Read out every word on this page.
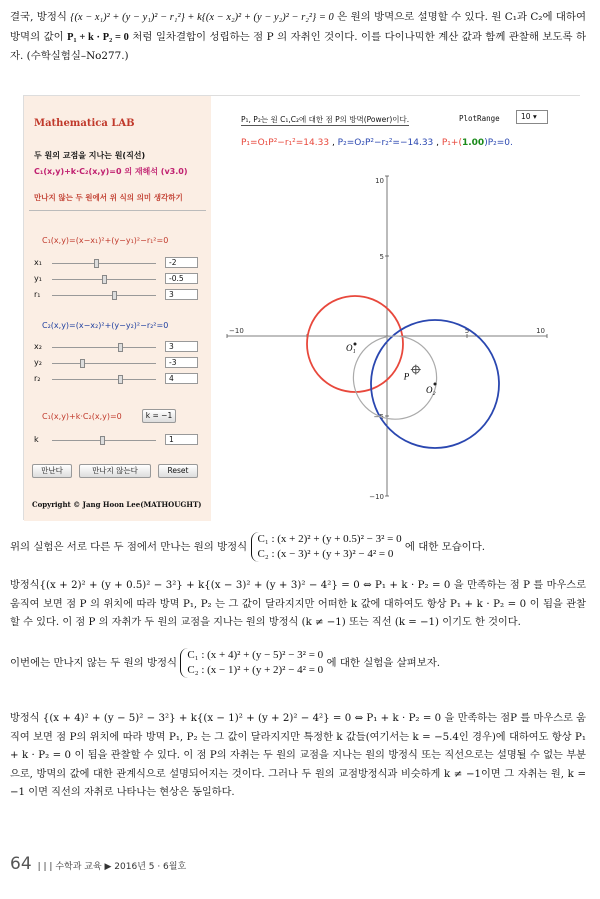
결국, 방정식 {(x − x₁)² + (y − y₁)² − r₁²} + k{(x − x₂)² + (y − y₂)² − r₂²} = 0 은 원의 방멱으로 설명할 수 있다. 원 C₁과 C₂에 대하여 방멱의 값이 P₁ + k · P₂ = 0 처럼 일차결합이 성립하는 점 P 의 자취인 것이다. 이를 다이나믹한 계산 값과 함께 관찰해 보도록 하자. (수학실험실–No277.)
Mathematica LAB
두 원의 교점을 지나는 원(직선)
C₁(x,y)+k·C₂(x,y)=0 의 재해석 (v3.0)
만나지 않는 두 원에서 위 식의 의미 생각하기
C₁(x,y)=(x−x₁)²+(y−y₁)²−r₁²=0
x₁	-2
y₁	-0.5
r₁	3
C₂(x,y)=(x−x₂)²+(y−y₂)²−r₂²=0
x₂	3
y₂	-3
r₂	4
C₁(x,y)+k·C₂(x,y)=0	k = −1
k	1
만난다	만나지 않는다	Reset
Copyright © Jang Hoon Lee(MATHOUGHT)
P₁, P₂는 원 C₁,C₂에 대한 점 P의 방멱(Power)이다.	PlotRange	10 ▾
P₁=O₁P²−r₁²=14.33 , P₂=O₂P²−r₂²=−14.33 , P₁+(1.00)P₂=0.
−10	5	10
10
5
−5
−10
O₁
O₂
P
위의 실험은 서로 다른 두 점에서 만나는 원의 방정식 C₁ : (x + 2)² + (y + 0.5)² − 3² = 0
C₂ : (x − 3)² + (y + 3)² − 4² = 0 에 대한 모습이다.
방정식{(x + 2)² + (y + 0.5)² − 3²} + k{(x − 3)² + (y + 3)² − 4²} = 0 ⇔ P₁ + k · P₂ = 0 을 만족하는 점 P 를 마우스로 움직여 보면 점 P 의 위치에 따라 방멱 P₁, P₂ 는 그 값이 달라지지만 어떠한 k 값에 대하여도 항상 P₁ + k · P₂ = 0 이 됨을 관찰할 수 있다. 이 점 P 의 자취가 두 원의 교점을 지나는 원의 방정식 (k ≠ −1) 또는 직선 (k = −1) 이기도 한 것이다.
이번에는 만나지 않는 두 원의 방정식 C₁ : (x + 4)² + (y − 5)² − 3² = 0
C₂ : (x − 1)² + (y + 2)² − 4² = 0 에 대한 실험을 살펴보자.
방정식 {(x + 4)² + (y − 5)² − 3²} + k{(x − 1)² + (y + 2)² − 4²} = 0 ⇔ P₁ + k · P₂ = 0 을 만족하는 점P 를 마우스로 움직여 보면 점 P의 위치에 따라 방멱 P₁, P₂ 는 그 값이 달라지지만 특정한 k 값들(여기서는 k = −5.4인 경우)에 대하여도 항상 P₁ + k · P₂ = 0 이 됨을 관찰할 수 있다. 이 점 P의 자취는 두 원의 교점을 지나는 원의 방정식 또는 직선으로는 설명될 수 없는 부분으로, 방멱의 값에 대한 관계식으로 설명되어지는 것이다. 그러나 두 원의 교점방정식과 비슷하게 k ≠ −1이면 그 자취는 원, k = −1 이면 직선의 자취로 나타나는 현상은 동일하다.
64 | | | 수학과 교육 ▶ 2016년 5 · 6월호
